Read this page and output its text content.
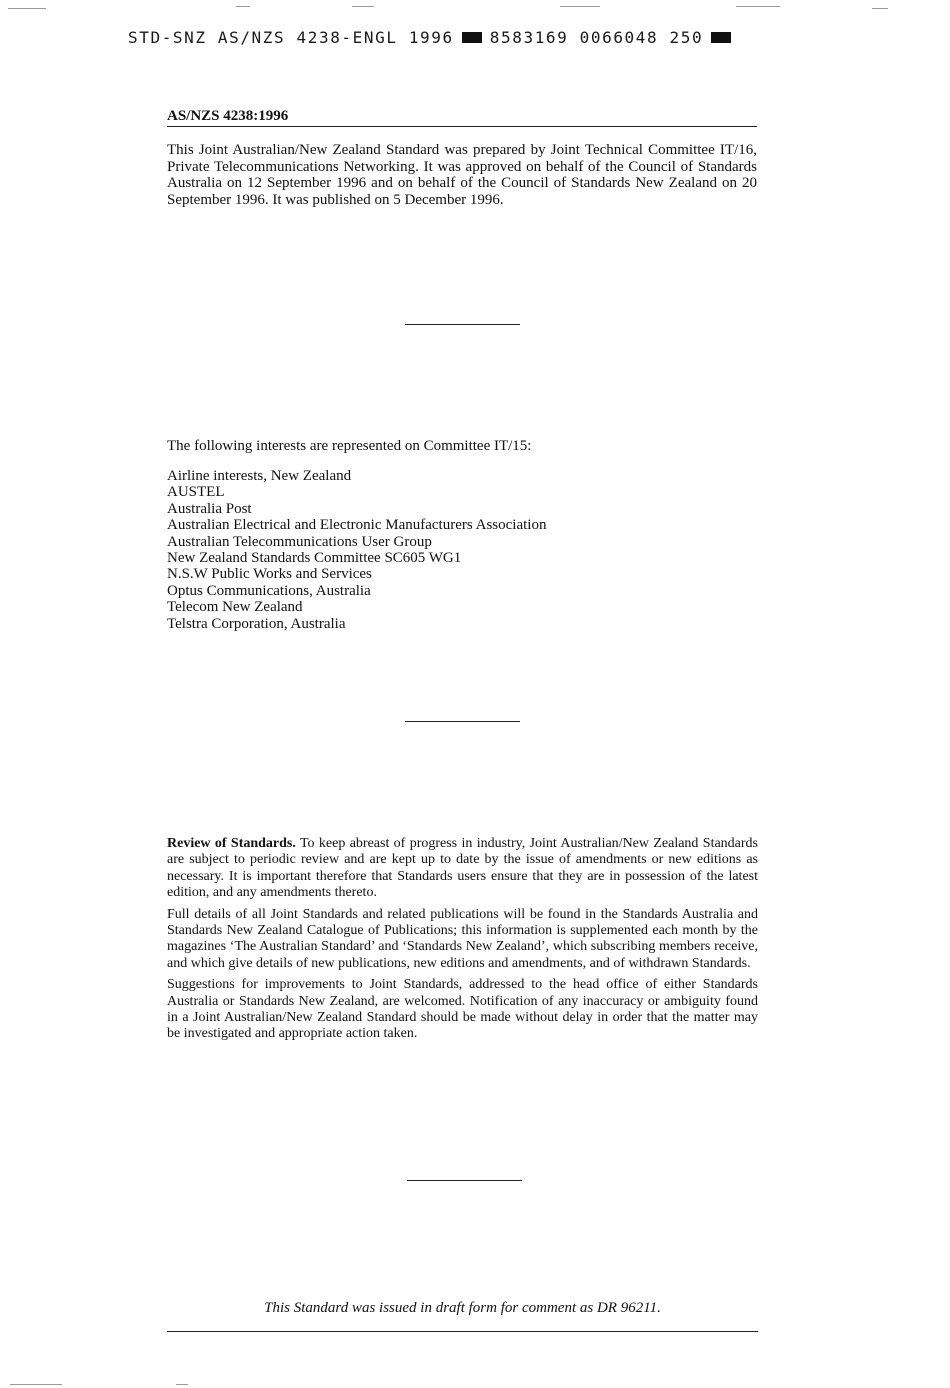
STD-SNZ AS/NZS 4238-ENGL 1996 8583169 0066048 250
AS/NZS 4238:1996

This Joint Australian/New Zealand Standard was prepared by Joint Technical Committee IT/16, Private Telecommunications Networking. It was approved on behalf of the Council of Standards Australia on 12 September 1996 and on behalf of the Council of Standards New Zealand on 20 September 1996. It was published on 5 December 1996.

The following interests are represented on Committee IT/15:

Airline interests, New Zealand
AUSTEL
Australia Post
Australian Electrical and Electronic Manufacturers Association
Australian Telecommunications User Group
New Zealand Standards Committee SC605 WG1
N.S.W Public Works and Services
Optus Communications, Australia
Telecom New Zealand
Telstra Corporation, Australia

Review of Standards. To keep abreast of progress in industry, Joint Australian/New Zealand Standards are subject to periodic review and are kept up to date by the issue of amendments or new editions as necessary. It is important therefore that Standards users ensure that they are in possession of the latest edition, and any amendments thereto.

Full details of all Joint Standards and related publications will be found in the Standards Australia and Standards New Zealand Catalogue of Publications; this information is supplemented each month by the magazines ‘The Australian Standard’ and ‘Standards New Zealand’, which subscribing members receive, and which give details of new publications, new editions and amendments, and of withdrawn Standards.

Suggestions for improvements to Joint Standards, addressed to the head office of either Standards Australia or Standards New Zealand, are welcomed. Notification of any inaccuracy or ambiguity found in a Joint Australian/New Zealand Standard should be made without delay in order that the matter may be investigated and appropriate action taken.

This Standard was issued in draft form for comment as DR 96211.
